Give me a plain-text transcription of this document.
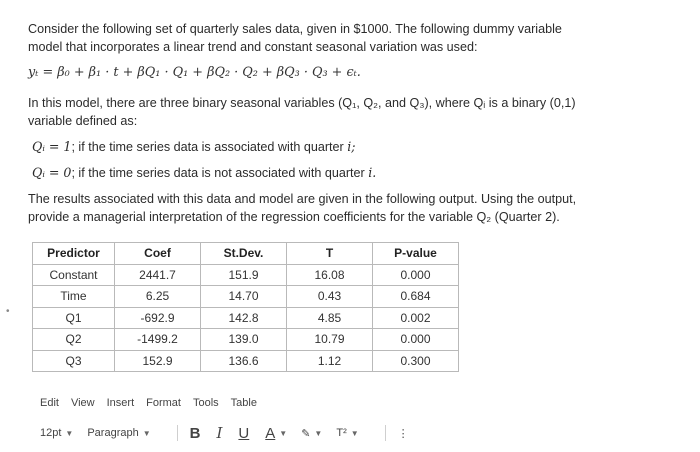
•

Consider the following set of quarterly sales data, given in $1000. The following dummy variable model that incorporates a linear trend and constant seasonal variation was used:

yₜ = β₀ + β₁ · t + βQ₁ · Q₁ + βQ₂ · Q₂ + βQ₃ · Q₃ + ϵₜ.

In this model, there are three binary seasonal variables (Q₁, Q₂, and Q₃), where Qᵢ is a binary (0,1) variable defined as:

Qᵢ = 1; if the time series data is associated with quarter i;
Qᵢ = 0; if the time series data is not associated with quarter i.

The results associated with this data and model are given in the following output. Using the output, provide a managerial interpretation of the regression coefficients for the variable Q₂ (Quarter 2).

Predictor	Coef	St.Dev.	T	P-value
Constant	2441.7	151.9	16.08	0.000
Time	6.25	14.70	0.43	0.684
Q1	-692.9	142.8	4.85	0.002
Q2	-1499.2	139.0	10.79	0.000
Q3	152.9	136.6	1.12	0.300
Edit View Insert Format Tools Table
12pt ▼ Paragraph ▼	B I U A ▼ ✎ ▼ T² ▼	⋮
